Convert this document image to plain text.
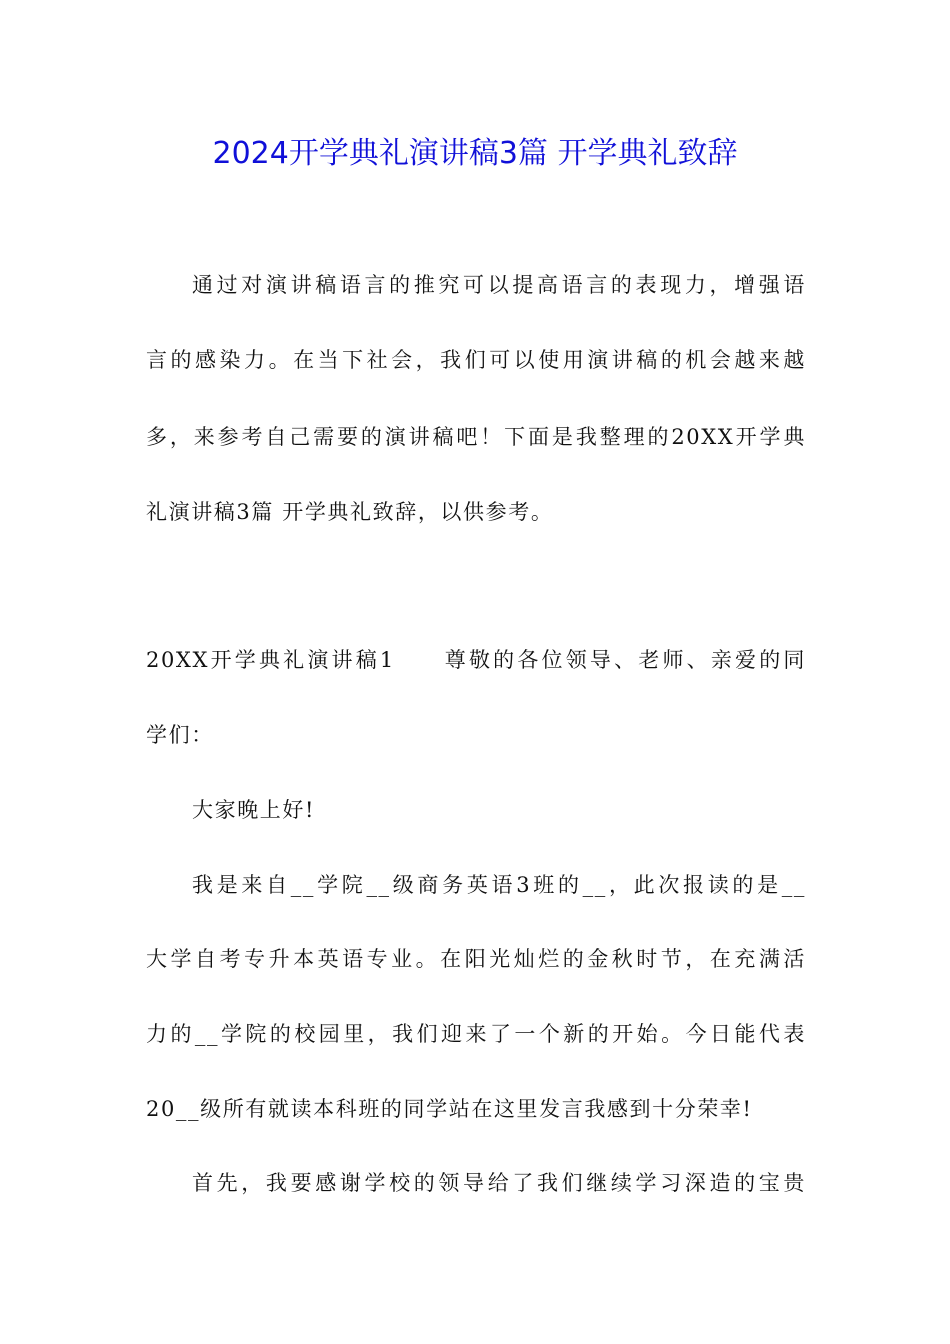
2024开学典礼演讲稿3篇 开学典礼致辞
通过对演讲稿语言的推究可以提高语言的表现力，增强语
言的感染力。在当下社会，我们可以使用演讲稿的机会越来越
多，来参考自己需要的演讲稿吧！下面是我整理的20XX开学典
礼演讲稿3篇 开学典礼致辞，以供参考。
20XX开学典礼演讲稿1　　尊敬的各位领导、老师、亲爱的同
学们：
大家晚上好!
我是来自__学院__级商务英语3班的__，此次报读的是__
大学自考专升本英语专业。在阳光灿烂的金秋时节，在充满活
力的__学院的校园里，我们迎来了一个新的开始。今日能代表
20__级所有就读本科班的同学站在这里发言我感到十分荣幸!
首先，我要感谢学校的领导给了我们继续学习深造的宝贵
